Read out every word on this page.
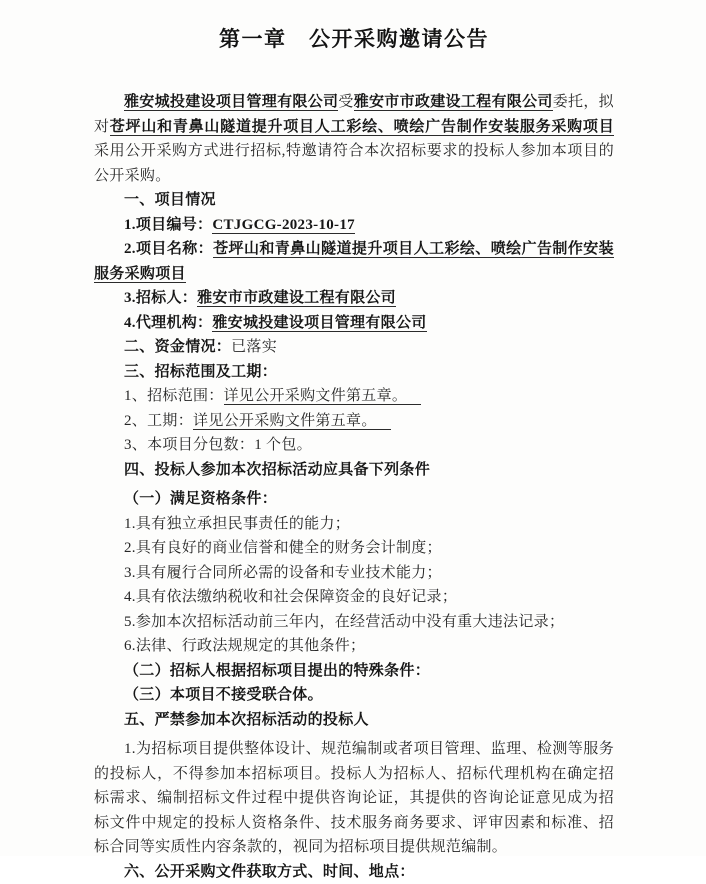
第一章　公开采购邀请公告

雅安城投建设项目管理有限公司受雅安市市政建设工程有限公司委托，拟对苍坪山和青鼻山隧道提升项目人工彩绘、喷绘广告制作安装服务采购项目采用公开采购方式进行招标,特邀请符合本次招标要求的投标人参加本项目的公开采购。

一、项目情况

1.项目编号：CTJGCG-2023-10-17

2.项目名称：苍坪山和青鼻山隧道提升项目人工彩绘、喷绘广告制作安装服务采购项目

3.招标人：雅安市市政建设工程有限公司

4.代理机构：雅安城投建设项目管理有限公司

二、资金情况：已落实

三、招标范围及工期：

1、招标范围：详见公开采购文件第五章。

2、工期：详见公开采购文件第五章。

3、本项目分包数：1 个包。

四、投标人参加本次招标活动应具备下列条件

（一）满足资格条件：

1.具有独立承担民事责任的能力；

2.具有良好的商业信誉和健全的财务会计制度；

3.具有履行合同所必需的设备和专业技术能力；

4.具有依法缴纳税收和社会保障资金的良好记录；

5.参加本次招标活动前三年内，在经营活动中没有重大违法记录；

6.法律、行政法规规定的其他条件；

（二）招标人根据招标项目提出的特殊条件：

（三）本项目不接受联合体。

五、严禁参加本次招标活动的投标人

1.为招标项目提供整体设计、规范编制或者项目管理、监理、检测等服务的投标人，不得参加本招标项目。投标人为招标人、招标代理机构在确定招标需求、编制招标文件过程中提供咨询论证，其提供的咨询论证意见成为招标文件中规定的投标人资格条件、技术服务商务要求、评审因素和标准、招标合同等实质性内容条款的，视同为招标项目提供规范编制。

六、公开采购文件获取方式、时间、地点：
